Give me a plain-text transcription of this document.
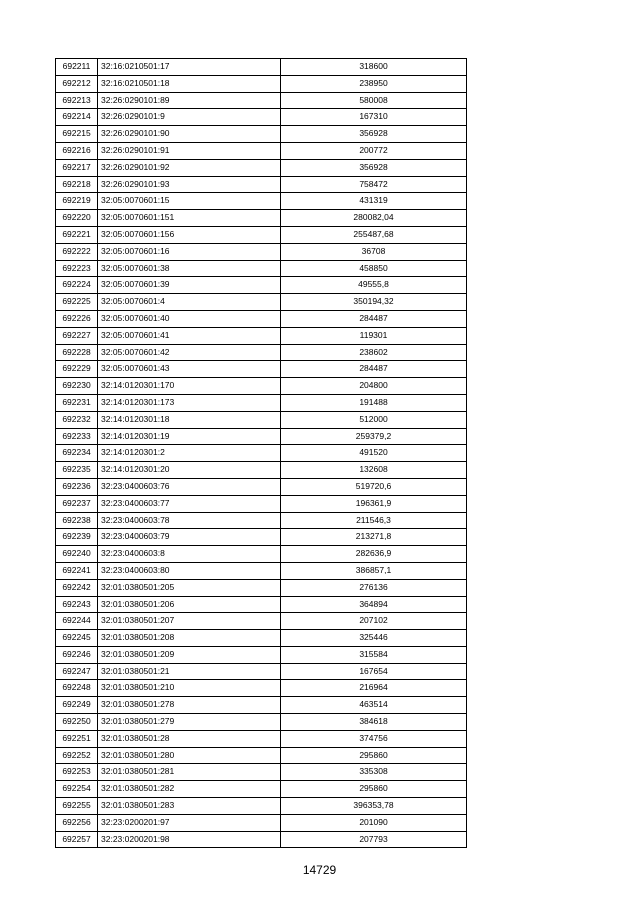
692211	32:16:0210501:17	318600
692212	32:16:0210501:18	238950
692213	32:26:0290101:89	580008
692214	32:26:0290101:9	167310
692215	32:26:0290101:90	356928
692216	32:26:0290101:91	200772
692217	32:26:0290101:92	356928
692218	32:26:0290101:93	758472
692219	32:05:0070601:15	431319
692220	32:05:0070601:151	280082,04
692221	32:05:0070601:156	255487,68
692222	32:05:0070601:16	36708
692223	32:05:0070601:38	458850
692224	32:05:0070601:39	49555,8
692225	32:05:0070601:4	350194,32
692226	32:05:0070601:40	284487
692227	32:05:0070601:41	119301
692228	32:05:0070601:42	238602
692229	32:05:0070601:43	284487
692230	32:14:0120301:170	204800
692231	32:14:0120301:173	191488
692232	32:14:0120301:18	512000
692233	32:14:0120301:19	259379,2
692234	32:14:0120301:2	491520
692235	32:14:0120301:20	132608
692236	32:23:0400603:76	519720,6
692237	32:23:0400603:77	196361,9
692238	32:23:0400603:78	211546,3
692239	32:23:0400603:79	213271,8
692240	32:23:0400603:8	282636,9
692241	32:23:0400603:80	386857,1
692242	32:01:0380501:205	276136
692243	32:01:0380501:206	364894
692244	32:01:0380501:207	207102
692245	32:01:0380501:208	325446
692246	32:01:0380501:209	315584
692247	32:01:0380501:21	167654
692248	32:01:0380501:210	216964
692249	32:01:0380501:278	463514
692250	32:01:0380501:279	384618
692251	32:01:0380501:28	374756
692252	32:01:0380501:280	295860
692253	32:01:0380501:281	335308
692254	32:01:0380501:282	295860
692255	32:01:0380501:283	396353,78
692256	32:23:0200201:97	201090
692257	32:23:0200201:98	207793
14729
